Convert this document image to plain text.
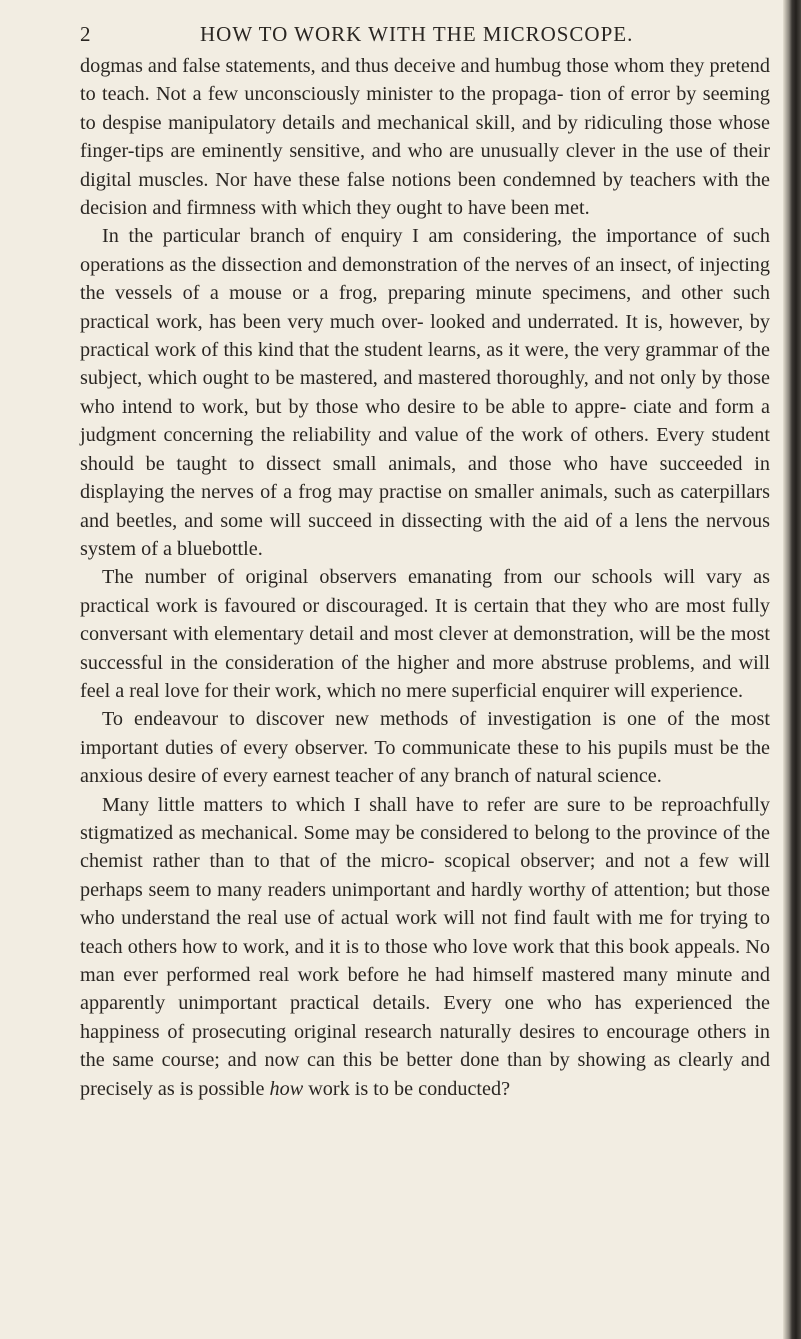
2	HOW TO WORK WITH THE MICROSCOPE.

dogmas and false statements, and thus deceive and humbug those whom they pretend to teach. Not a few unconsciously minister to the propaga- tion of error by seeming to despise manipulatory details and mechanical skill, and by ridiculing those whose finger-tips are eminently sensitive, and who are unusually clever in the use of their digital muscles. Nor have these false notions been condemned by teachers with the decision and firmness with which they ought to have been met.

In the particular branch of enquiry I am considering, the importance of such operations as the dissection and demonstration of the nerves of an insect, of injecting the vessels of a mouse or a frog, preparing minute specimens, and other such practical work, has been very much over- looked and underrated. It is, however, by practical work of this kind that the student learns, as it were, the very grammar of the subject, which ought to be mastered, and mastered thoroughly, and not only by those who intend to work, but by those who desire to be able to appre- ciate and form a judgment concerning the reliability and value of the work of others. Every student should be taught to dissect small animals, and those who have succeeded in displaying the nerves of a frog may practise on smaller animals, such as caterpillars and beetles, and some will succeed in dissecting with the aid of a lens the nervous system of a bluebottle.

The number of original observers emanating from our schools will vary as practical work is favoured or discouraged. It is certain that they who are most fully conversant with elementary detail and most clever at demonstration, will be the most successful in the consideration of the higher and more abstruse problems, and will feel a real love for their work, which no mere superficial enquirer will experience.

To endeavour to discover new methods of investigation is one of the most important duties of every observer. To communicate these to his pupils must be the anxious desire of every earnest teacher of any branch of natural science.

Many little matters to which I shall have to refer are sure to be reproachfully stigmatized as mechanical. Some may be considered to belong to the province of the chemist rather than to that of the micro- scopical observer; and not a few will perhaps seem to many readers unimportant and hardly worthy of attention; but those who understand the real use of actual work will not find fault with me for trying to teach others how to work, and it is to those who love work that this book appeals. No man ever performed real work before he had himself mastered many minute and apparently unimportant practical details. Every one who has experienced the happiness of prosecuting original research naturally desires to encourage others in the same course; and now can this be better done than by showing as clearly and precisely as is possible how work is to be conducted?
